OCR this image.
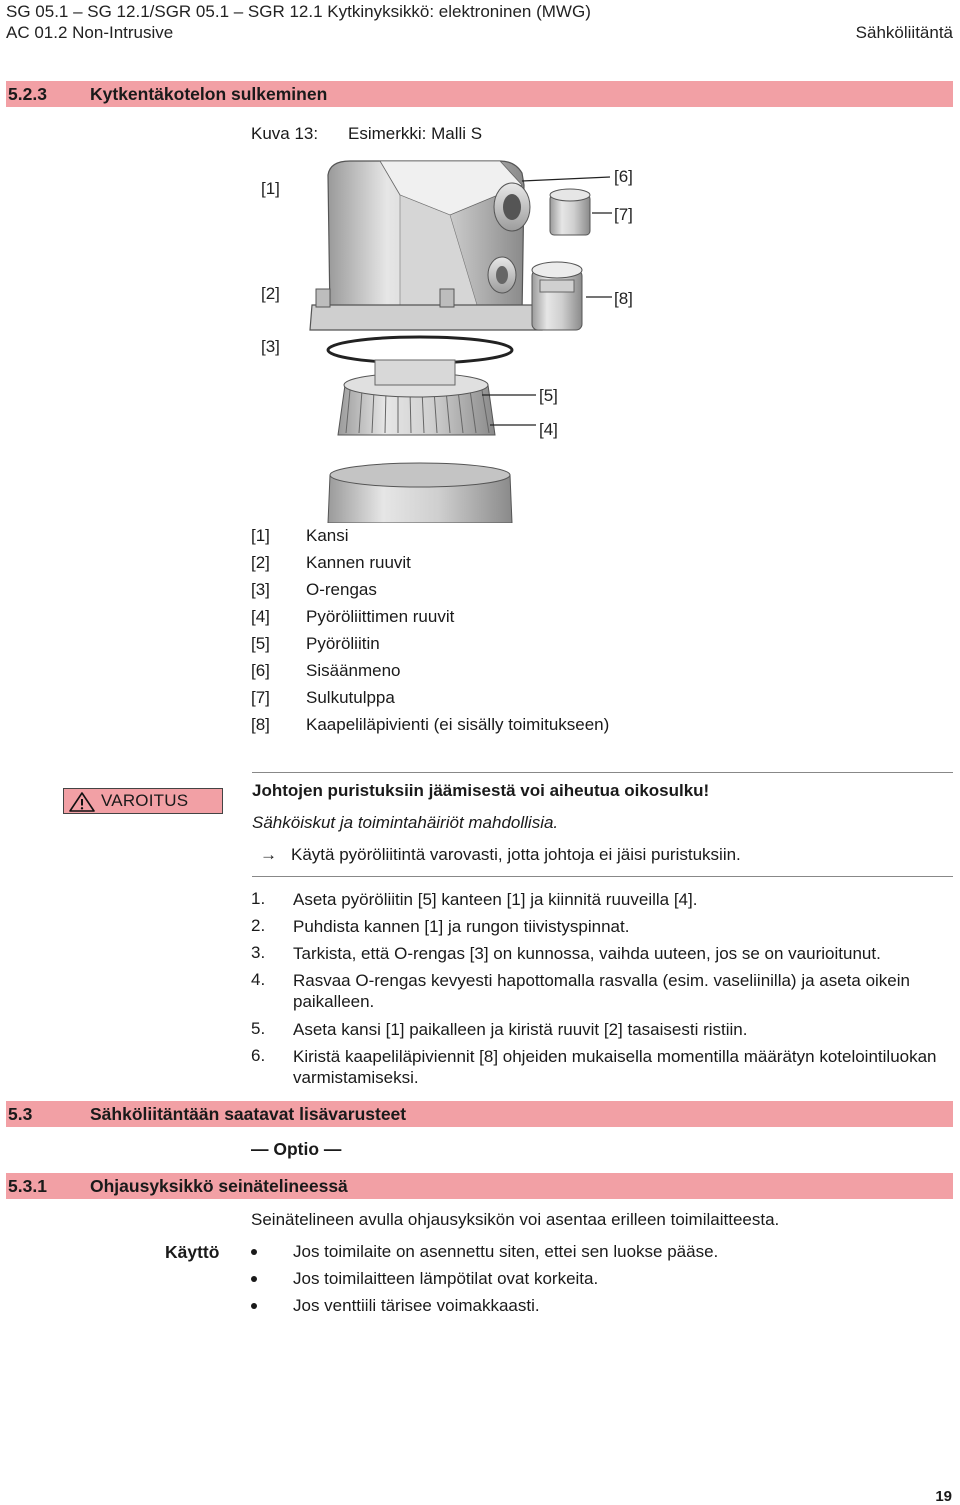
SG 05.1 – SG 12.1/SGR 05.1 – SGR 12.1 Kytkinyksikkö: elektroninen (MWG)
AC 01.2 Non-Intrusive	Sähköliitäntä
5.2.3 Kytkentäkotelon sulkeminen
Kuva 13: Esimerkki: Malli S
[1]
[2]
[3]
[5]
[4]
[6]
[7]
[8]
[1] Kansi
[2] Kannen ruuvit
[3] O-rengas
[4] Pyöröliittimen ruuvit
[5] Pyöröliitin
[6] Sisäänmeno
[7] Sulkutulppa
[8] Kaapeliläpivienti (ei sisälly toimitukseen)
VAROITUS
Johtojen puristuksiin jäämisestä voi aiheutua oikosulku!
Sähköiskut ja toimintahäiriöt mahdollisia.
→ Käytä pyöröliitintä varovasti, jotta johtoja ei jäisi puristuksiin.
1. Aseta pyöröliitin [5] kanteen [1] ja kiinnitä ruuveilla [4].
2. Puhdista kannen [1] ja rungon tiivistyspinnat.
3. Tarkista, että O-rengas [3] on kunnossa, vaihda uuteen, jos se on vaurioitunut.
4. Rasvaa O-rengas kevyesti hapottomalla rasvalla (esim. vaseliinilla) ja aseta oikein paikalleen.
5. Aseta kansi [1] paikalleen ja kiristä ruuvit [2] tasaisesti ristiin.
6. Kiristä kaapeliläpiviennit [8] ohjeiden mukaisella momentilla määrätyn kotelointiluokan varmistamiseksi.
5.3	Sähköliitäntään saatavat lisävarusteet
— Optio —
5.3.1 Ohjausyksikkö seinätelineessä
Seinätelineen avulla ohjausyksikön voi asentaa erilleen toimilaitteesta.
Käyttö	Jos toimilaite on asennettu siten, ettei sen luokse pääse.
Jos toimilaitteen lämpötilat ovat korkeita.
Jos venttiili tärisee voimakkaasti.
19
